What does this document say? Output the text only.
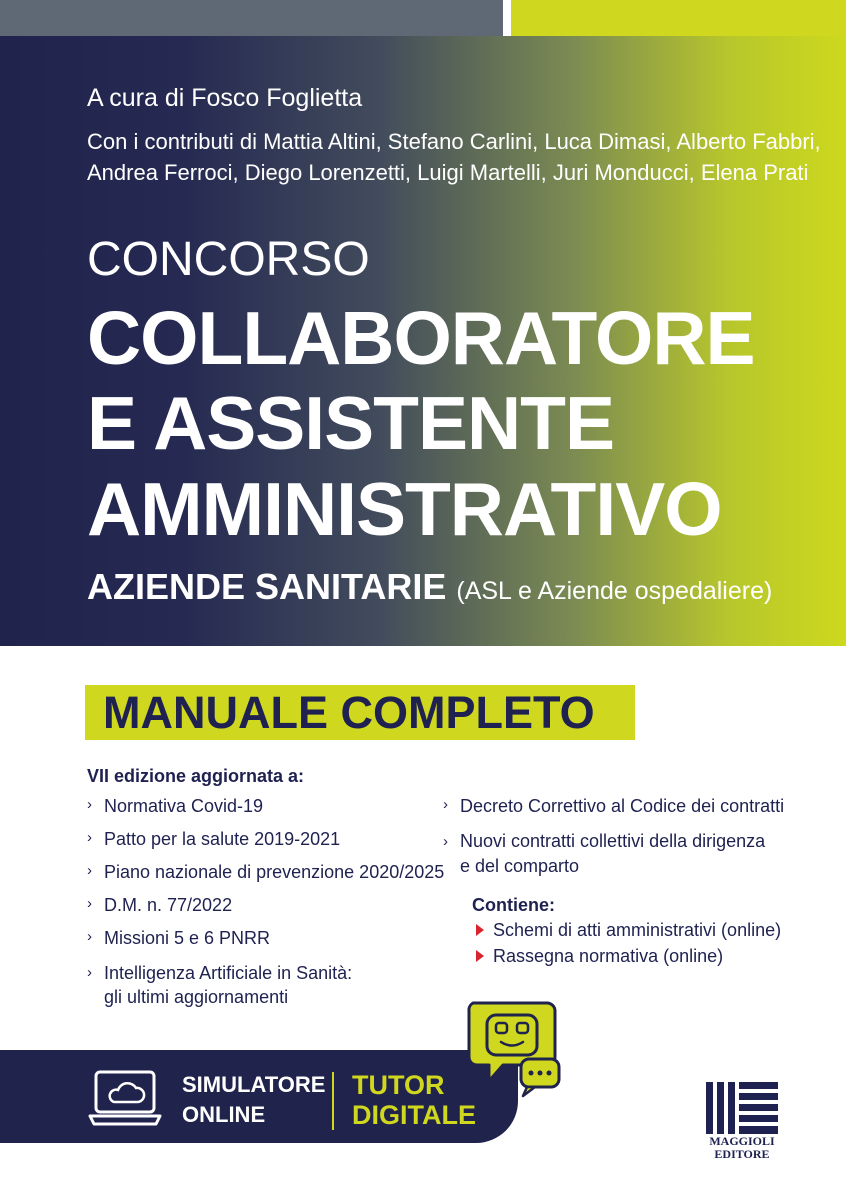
A cura di Fosco Foglietta
Con i contributi di Mattia Altini, Stefano Carlini, Luca Dimasi, Alberto Fabbri,
Andrea Ferroci, Diego Lorenzetti, Luigi Martelli, Juri Monducci, Elena Prati
CONCORSO
COLLABORATORE
E ASSISTENTE
AMMINISTRATIVO
AZIENDE SANITARIE (ASL e Aziende ospedaliere)
MANUALE COMPLETO
VII edizione aggiornata a:
› Normativa Covid-19
› Patto per la salute 2019-2021
› Piano nazionale di prevenzione 2020/2025
› D.M. n. 77/2022
› Missioni 5 e 6 PNRR
› Intelligenza Artificiale in Sanità: gli ultimi aggiornamenti
› Decreto Correttivo al Codice dei contratti
› Nuovi contratti collettivi della dirigenza e del comparto
Contiene:
Schemi di atti amministrativi (online)
Rassegna normativa (online)
SIMULATORE
ONLINE
TUTOR
DIGITALE
MAGGIOLI
EDITORE
